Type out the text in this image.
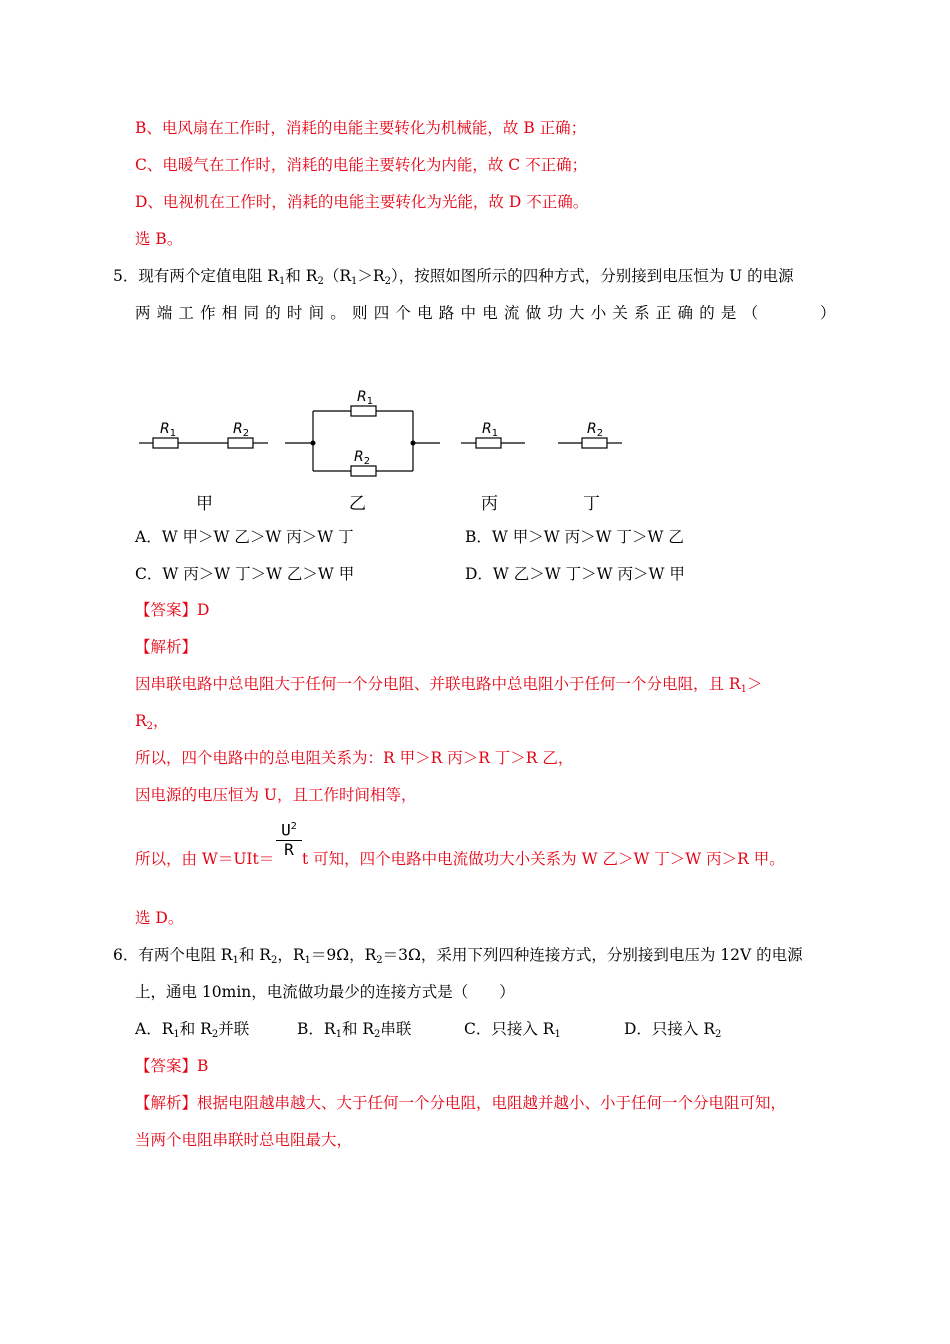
B、电风扇在工作时，消耗的电能主要转化为机械能，故 B 正确；
C、电暖气在工作时，消耗的电能主要转化为内能，故 C 不正确；
D、电视机在工作时，消耗的电能主要转化为光能，故 D 不正确。
选 B。
5．现有两个定值电阻 $R_1$和 $R_2(R_1>R_2)$，按照如图所示的四种方式，分别接到电压恒为 U 的电源
两端工作相同的时间。则四个电路中电流做功大小关系正确的是（	）
$R_1$	$R_2$
$R_1$
$R_2$
$R_1$	$R_2$
甲	乙	丙	丁
A．W 甲＞W 乙＞W 丙＞W 丁	B．W 甲＞W 丙＞W 丁＞W 乙
C．W 丙＞W 丁＞W 乙＞W 甲	D．W 乙＞W 丁＞W 丙＞W 甲
【答案】D
【解析】
因串联电路中总电阻大于任何一个分电阻、并联电路中总电阻小于任何一个分电阻，且 $R_1>$
$R_2$，
所以，四个电路中的总电阻关系为：R 甲＞R 丙＞R 丁＞R 乙，
因电源的电压恒为 U，且工作时间相等，
$U^2$
R
所以，由 W＝UIt＝ t 可知，四个电路中电流做功大小关系为 W 乙＞W 丁＞W 丙＞R 甲。
选 D。
6．有两个电阻 $R_1$和 $R_2$，$R_1=9\Omega$，$R_2=3\Omega$，采用下列四种连接方式，分别接到电压为 12V 的电源
上，通电 10min，电流做功最少的连接方式是（　　）
A．$R_1$和 $R_2$并联	B．$R_1$和 $R_2$串联	C．只接入 $R_1$	D．只接入 $R_2$
【答案】B
【解析】根据电阻越串越大、大于任何一个分电阻，电阻越并越小、小于任何一个分电阻可知，
当两个电阻串联时总电阻最大，
